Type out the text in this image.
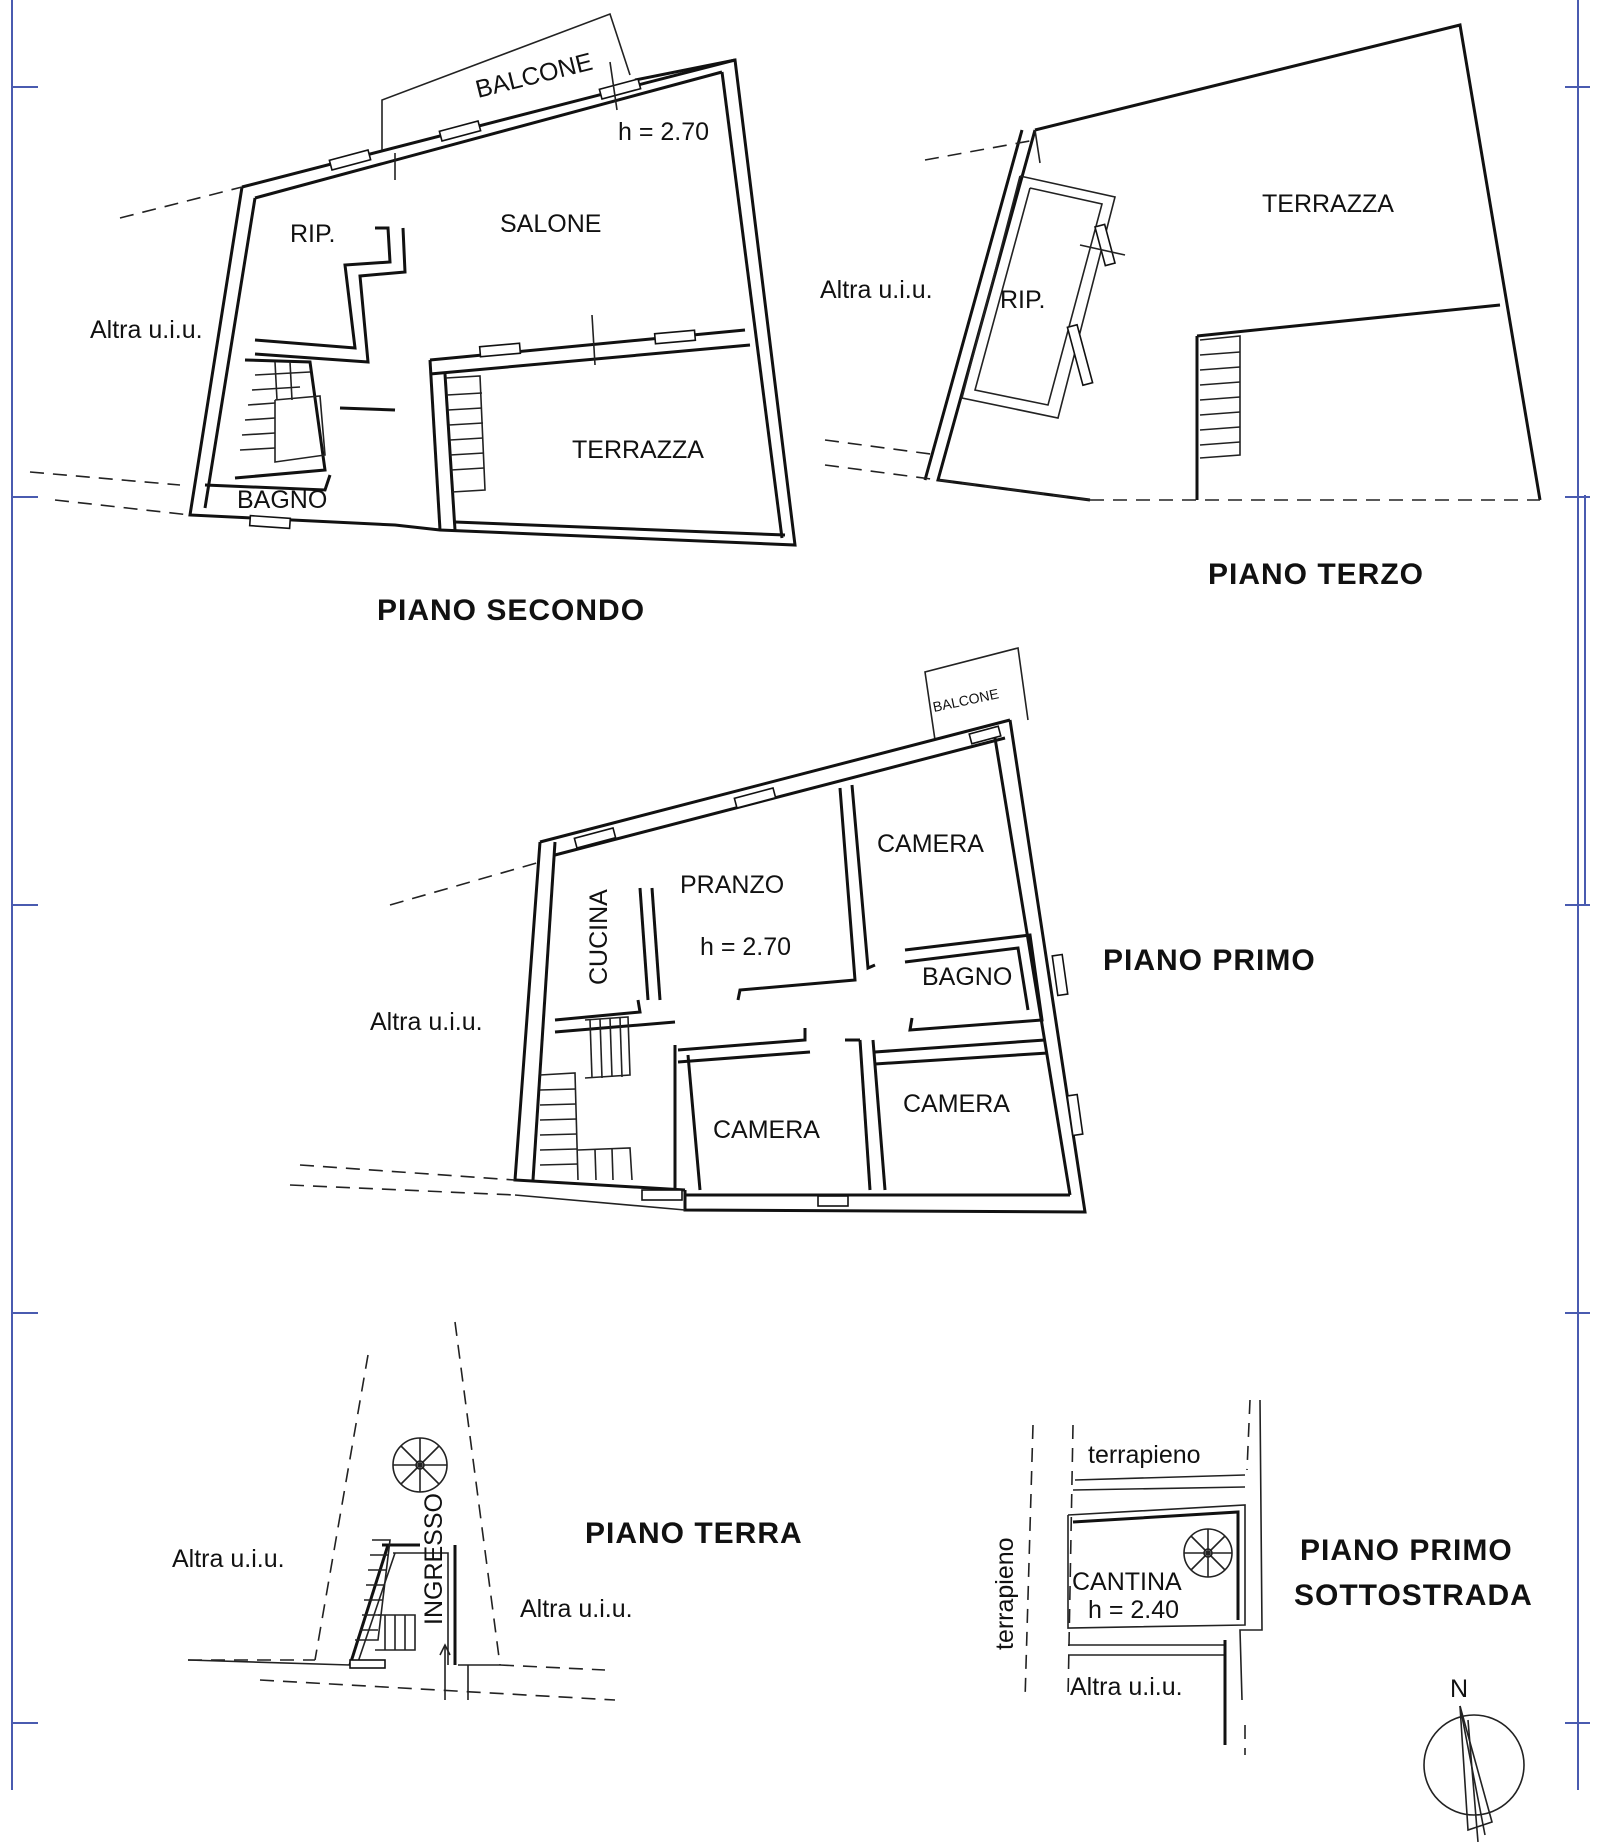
BALCONE
h = 2.70
RIP.	SALONE
TERRAZZA
BAGNO
Altra u.i.u.
PIANO SECONDO
TERRAZZA
RIP.
Altra u.i.u.
PIANO TERZO
BALCONE
CAMERA
PRANZO
h = 2.70
CUCINA	BAGNO
CAMERA
CAMERA
Altra u.i.u.
PIANO PRIMO
INGRESSO
Altra u.i.u.
Altra u.i.u.
PIANO TERRA
terrapieno
terrapieno CANTINA
h = 2.40
Altra u.i.u.
PIANO PRIMO
SOTTOSTRADA
N
